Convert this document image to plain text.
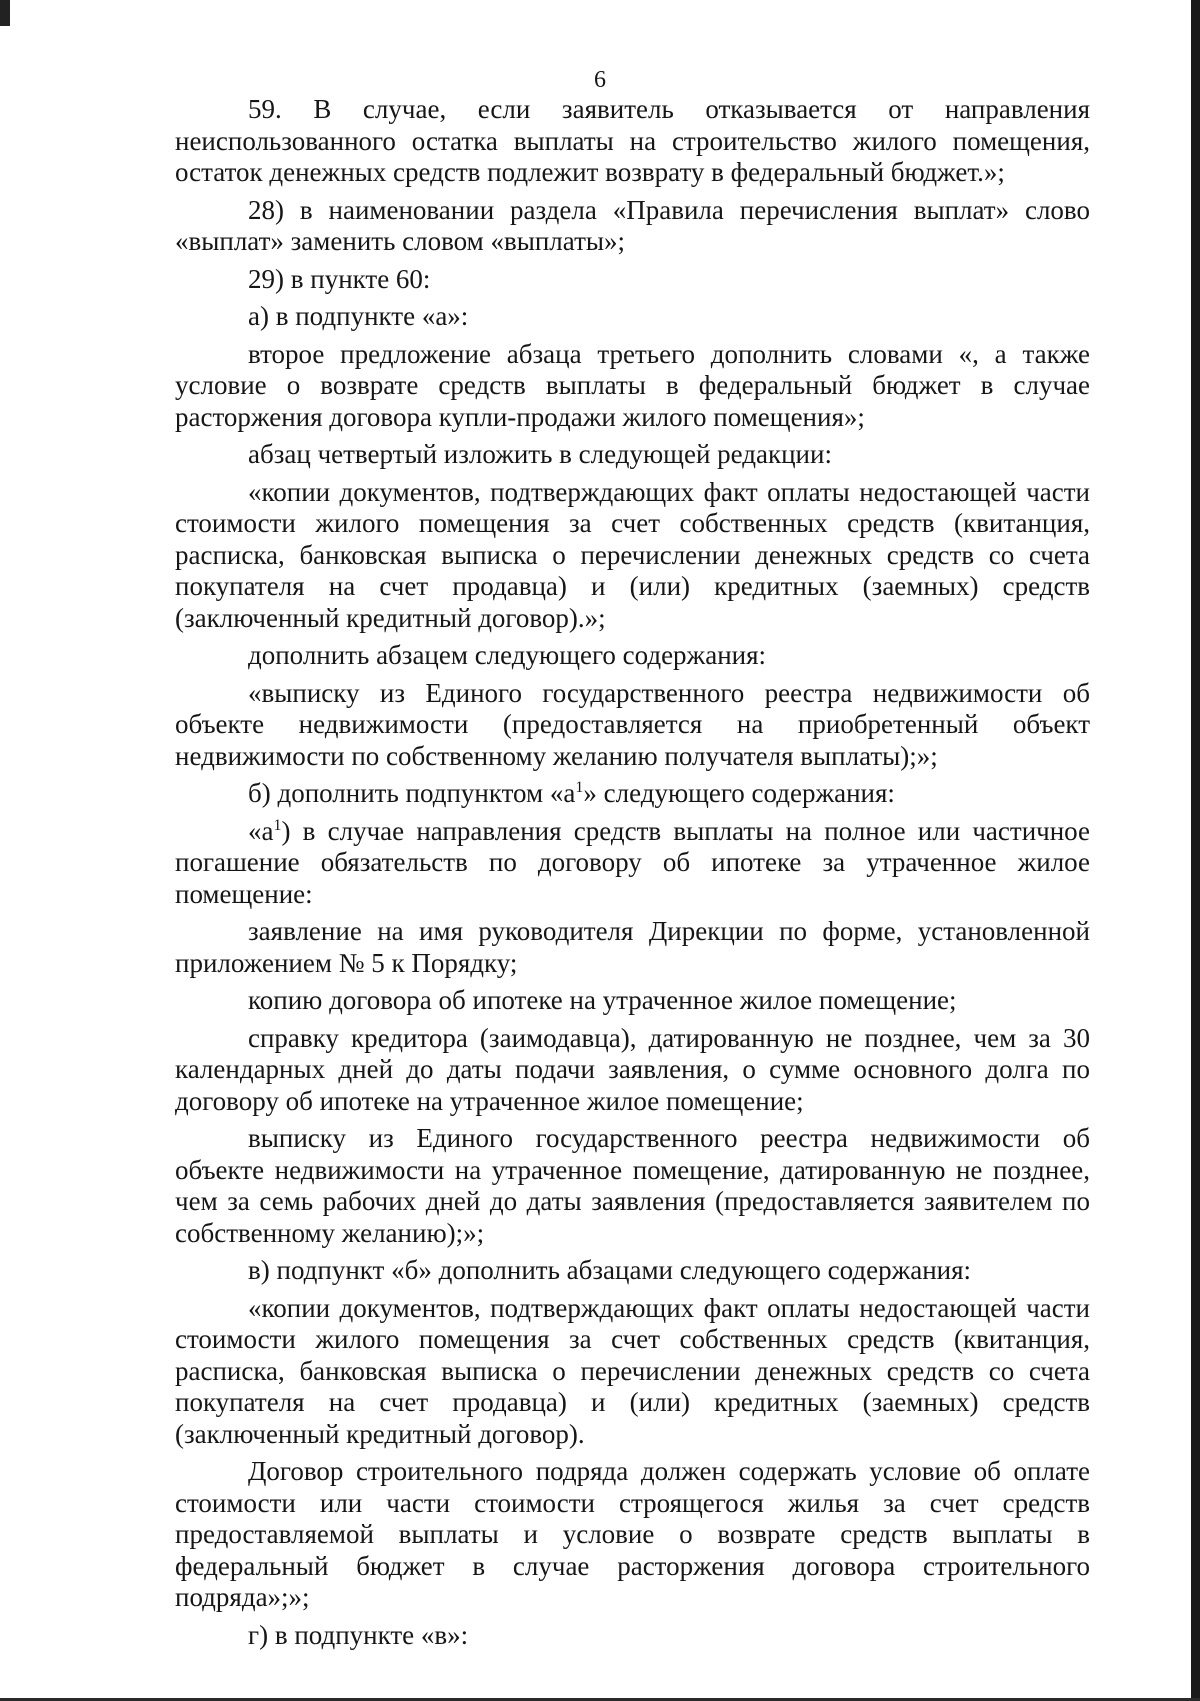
6

59. В случае, если заявитель отказывается от направления неиспользованного остатка выплаты на строительство жилого помещения, остаток денежных средств подлежит возврату в федеральный бюджет.»;

28) в наименовании раздела «Правила перечисления выплат» слово «выплат» заменить словом «выплаты»;

29) в пункте 60:

а) в подпункте «а»:

второе предложение абзаца третьего дополнить словами «, а также условие о возврате средств выплаты в федеральный бюджет в случае расторжения договора купли-продажи жилого помещения»;

абзац четвертый изложить в следующей редакции:

«копии документов, подтверждающих факт оплаты недостающей части стоимости жилого помещения за счет собственных средств (квитанция, расписка, банковская выписка о перечислении денежных средств со счета покупателя на счет продавца) и (или) кредитных (заемных) средств (заключенный кредитный договор).»;

дополнить абзацем следующего содержания:

«выписку из Единого государственного реестра недвижимости об объекте недвижимости (предоставляется на приобретенный объект недвижимости по собственному желанию получателя выплаты);»;

б) дополнить подпунктом «$а^1$» следующего содержания:

«$а^1$) в случае направления средств выплаты на полное или частичное погашение обязательств по договору об ипотеке за утраченное жилое помещение:

заявление на имя руководителя Дирекции по форме, установленной приложением № 5 к Порядку;

копию договора об ипотеке на утраченное жилое помещение;

справку кредитора (заимодавца), датированную не позднее, чем за 30 календарных дней до даты подачи заявления, о сумме основного долга по договору об ипотеке на утраченное жилое помещение;

выписку из Единого государственного реестра недвижимости об объекте недвижимости на утраченное помещение, датированную не позднее, чем за семь рабочих дней до даты заявления (предоставляется заявителем по собственному желанию);»;

в) подпункт «б» дополнить абзацами следующего содержания:

«копии документов, подтверждающих факт оплаты недостающей части стоимости жилого помещения за счет собственных средств (квитанция, расписка, банковская выписка о перечислении денежных средств со счета покупателя на счет продавца) и (или) кредитных (заемных) средств (заключенный кредитный договор).

Договор строительного подряда должен содержать условие об оплате стоимости или части стоимости строящегося жилья за счет средств предоставляемой выплаты и условие о возврате средств выплаты в федеральный бюджет в случае расторжения договора строительного подряда»;»;

г) в подпункте «в»:
